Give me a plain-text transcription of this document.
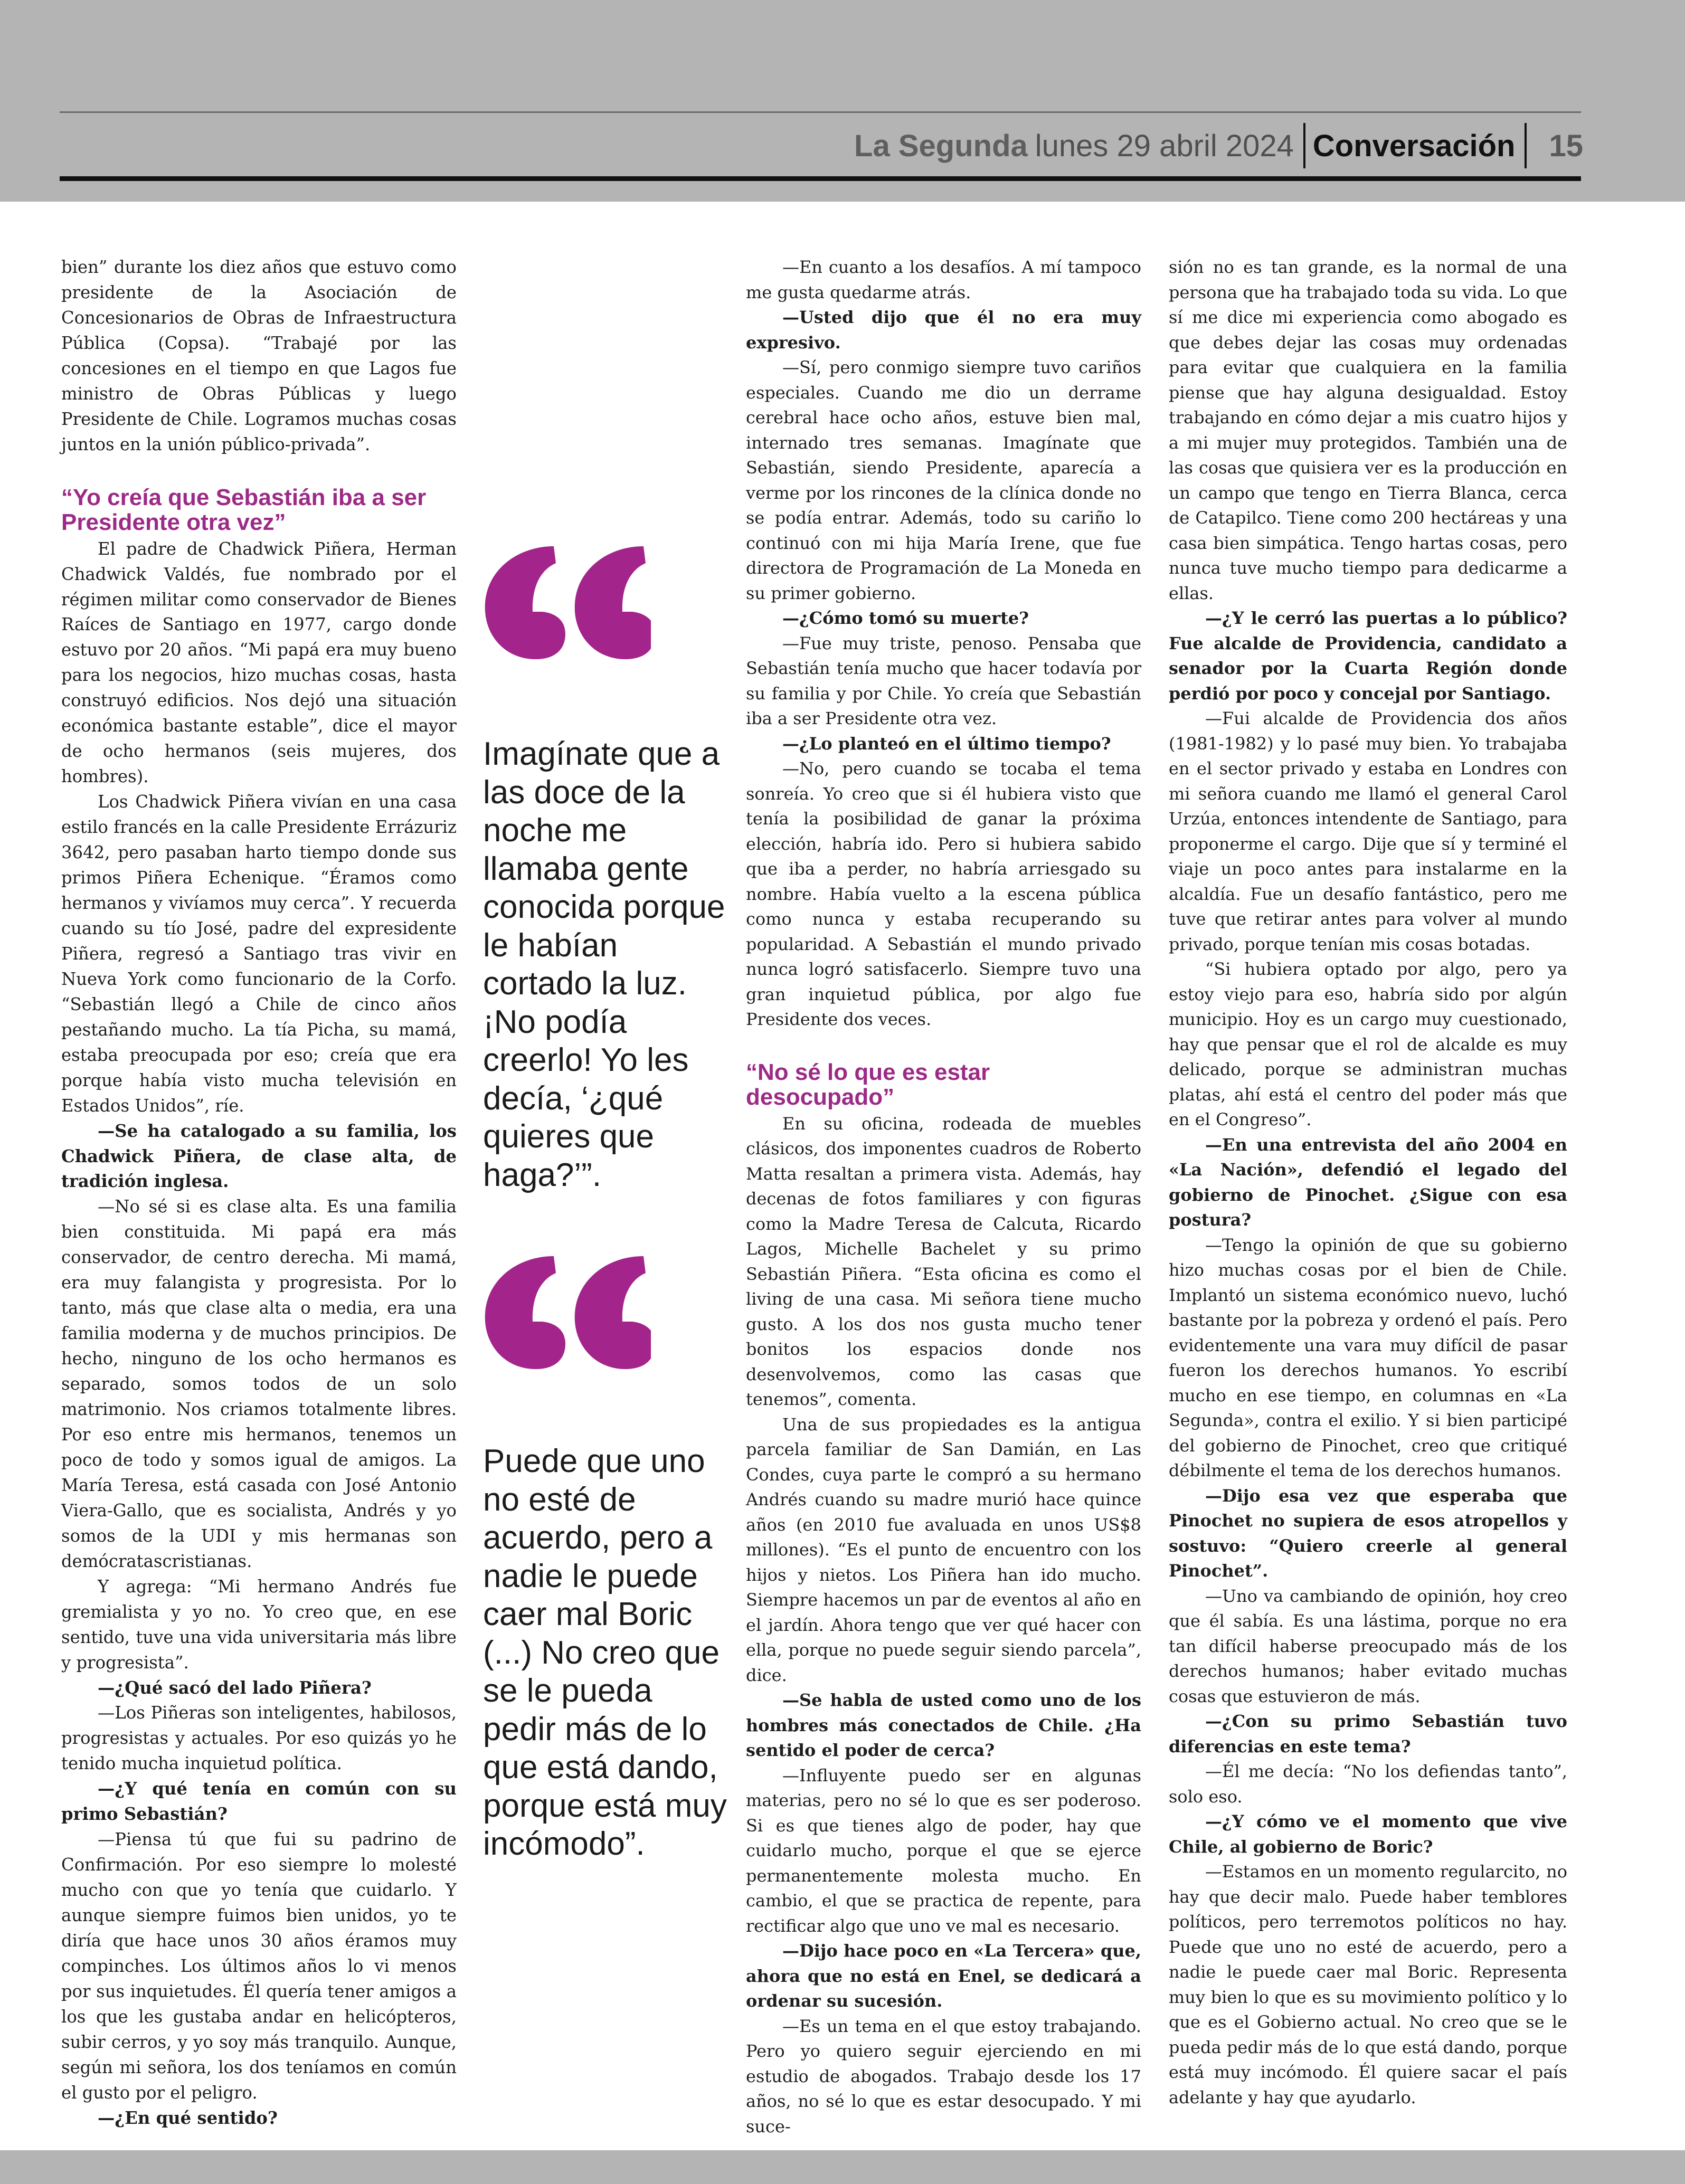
La Segunda lunes 29 abril 2024 Conversación 15

bien” durante los diez años que estuvo como presidente de la Asociación de Concesionarios de Obras de Infraestructura Pública (Copsa). “Trabajé por las concesiones en el tiempo en que Lagos fue ministro de Obras Públicas y luego Presidente de Chile. Logramos muchas cosas juntos en la unión público-privada”.

“Yo creía que Sebastián iba a ser Presidente otra vez”

El padre de Chadwick Piñera, Herman Chadwick Valdés, fue nombrado por el régimen militar como conservador de Bienes Raíces de Santiago en 1977, cargo donde estuvo por 20 años. “Mi papá era muy bueno para los negocios, hizo muchas cosas, hasta construyó edificios. Nos dejó una situación económica bastante estable”, dice el mayor de ocho hermanos (seis mujeres, dos hombres).

Los Chadwick Piñera vivían en una casa estilo francés en la calle Presidente Errázuriz 3642, pero pasaban harto tiempo donde sus primos Piñera Echenique. “Éramos como hermanos y vivíamos muy cerca”. Y recuerda cuando su tío José, padre del expresidente Piñera, regresó a Santiago tras vivir en Nueva York como funcionario de la Corfo. “Sebastián llegó a Chile de cinco años pestañando mucho. La tía Picha, su mamá, estaba preocupada por eso; creía que era porque había visto mucha televisión en Estados Unidos”, ríe.

—Se ha catalogado a su familia, los Chadwick Piñera, de clase alta, de tradición inglesa.

—No sé si es clase alta. Es una familia bien constituida. Mi papá era más conservador, de centro derecha. Mi mamá, era muy falangista y progresista. Por lo tanto, más que clase alta o media, era una familia moderna y de muchos principios. De hecho, ninguno de los ocho hermanos es separado, somos todos de un solo matrimonio. Nos criamos totalmente libres. Por eso entre mis hermanos, tenemos un poco de todo y somos igual de amigos. La María Teresa, está casada con José Antonio Viera-Gallo, que es socialista, Andrés y yo somos de la UDI y mis hermanas son demócratascristianas.

Y agrega: “Mi hermano Andrés fue gremialista y yo no. Yo creo que, en ese sentido, tuve una vida universitaria más libre y progresista”.

—¿Qué sacó del lado Piñera?

—Los Piñeras son inteligentes, habilosos, progresistas y actuales. Por eso quizás yo he tenido mucha inquietud política.

—¿Y qué tenía en común con su primo Sebastián?

—Piensa tú que fui su padrino de Confirmación. Por eso siempre lo molesté mucho con que yo tenía que cuidarlo. Y aunque siempre fuimos bien unidos, yo te diría que hace unos 30 años éramos muy compinches. Los últimos años lo vi menos por sus inquietudes. Él quería tener amigos a los que les gustaba andar en helicópteros, subir cerros, y yo soy más tranquilo. Aunque, según mi señora, los dos teníamos en común el gusto por el peligro.

—¿En qué sentido?

—En cuanto a los desafíos. A mí tampoco me gusta quedarme atrás.

—Usted dijo que él no era muy expresivo.

—Sí, pero conmigo siempre tuvo cariños especiales. Cuando me dio un derrame cerebral hace ocho años, estuve bien mal, internado tres semanas. Imagínate que Sebastián, siendo Presidente, aparecía a verme por los rincones de la clínica donde no se podía entrar. Además, todo su cariño lo continuó con mi hija María Irene, que fue directora de Programación de La Moneda en su primer gobierno.

—¿Cómo tomó su muerte?

—Fue muy triste, penoso. Pensaba que Sebastián tenía mucho que hacer todavía por su familia y por Chile. Yo creía que Sebastián iba a ser Presidente otra vez.

—¿Lo planteó en el último tiempo?

—No, pero cuando se tocaba el tema sonreía. Yo creo que si él hubiera visto que tenía la posibilidad de ganar la próxima elección, habría ido. Pero si hubiera sabido que iba a perder, no habría arriesgado su nombre. Había vuelto a la escena pública como nunca y estaba recuperando su popularidad. A Sebastián el mundo privado nunca logró satisfacerlo. Siempre tuvo una gran inquietud pública, por algo fue Presidente dos veces.

“No sé lo que es estar desocupado”

En su oficina, rodeada de muebles clásicos, dos imponentes cuadros de Roberto Matta resaltan a primera vista. Además, hay decenas de fotos familiares y con figuras como la Madre Teresa de Calcuta, Ricardo Lagos, Michelle Bachelet y su primo Sebastián Piñera. “Esta oficina es como el living de una casa. Mi señora tiene mucho gusto. A los dos nos gusta mucho tener bonitos los espacios donde nos desenvolvemos, como las casas que tenemos”, comenta.

Una de sus propiedades es la antigua parcela familiar de San Damián, en Las Condes, cuya parte le compró a su hermano Andrés cuando su madre murió hace quince años (en 2010 fue avaluada en unos US$8 millones). “Es el punto de encuentro con los hijos y nietos. Los Piñera han ido mucho. Siempre hacemos un par de eventos al año en el jardín. Ahora tengo que ver qué hacer con ella, porque no puede seguir siendo parcela”, dice.

—Se habla de usted como uno de los hombres más conectados de Chile. ¿Ha sentido el poder de cerca?

—Influyente puedo ser en algunas materias, pero no sé lo que es ser poderoso. Si es que tienes algo de poder, hay que cuidarlo mucho, porque el que se ejerce permanentemente molesta mucho. En cambio, el que se practica de repente, para rectificar algo que uno ve mal es necesario.

—Dijo hace poco en «La Tercera» que, ahora que no está en Enel, se dedicará a ordenar su sucesión.

—Es un tema en el que estoy trabajando. Pero yo quiero seguir ejerciendo en mi estudio de abogados. Trabajo desde los 17 años, no sé lo que es estar desocupado. Y mi suce-

sión no es tan grande, es la normal de una persona que ha trabajado toda su vida. Lo que sí me dice mi experiencia como abogado es que debes dejar las cosas muy ordenadas para evitar que cualquiera en la familia piense que hay alguna desigualdad. Estoy trabajando en cómo dejar a mis cuatro hijos y a mi mujer muy protegidos. También una de las cosas que quisiera ver es la producción en un campo que tengo en Tierra Blanca, cerca de Catapilco. Tiene como 200 hectáreas y una casa bien simpática. Tengo hartas cosas, pero nunca tuve mucho tiempo para dedicarme a ellas.

—¿Y le cerró las puertas a lo público? Fue alcalde de Providencia, candidato a senador por la Cuarta Región donde perdió por poco y concejal por Santiago.

—Fui alcalde de Providencia dos años (1981-1982) y lo pasé muy bien. Yo trabajaba en el sector privado y estaba en Londres con mi señora cuando me llamó el general Carol Urzúa, entonces intendente de Santiago, para proponerme el cargo. Dije que sí y terminé el viaje un poco antes para instalarme en la alcaldía. Fue un desafío fantástico, pero me tuve que retirar antes para volver al mundo privado, porque tenían mis cosas botadas.

“Si hubiera optado por algo, pero ya estoy viejo para eso, habría sido por algún municipio. Hoy es un cargo muy cuestionado, hay que pensar que el rol de alcalde es muy delicado, porque se administran muchas platas, ahí está el centro del poder más que en el Congreso”.

—En una entrevista del año 2004 en «La Nación», defendió el legado del gobierno de Pinochet. ¿Sigue con esa postura?

—Tengo la opinión de que su gobierno hizo muchas cosas por el bien de Chile. Implantó un sistema económico nuevo, luchó bastante por la pobreza y ordenó el país. Pero evidentemente una vara muy difícil de pasar fueron los derechos humanos. Yo escribí mucho en ese tiempo, en columnas en «La Segunda», contra el exilio. Y si bien participé del gobierno de Pinochet, creo que critiqué débilmente el tema de los derechos humanos.

—Dijo esa vez que esperaba que Pinochet no supiera de esos atropellos y sostuvo: “Quiero creerle al general Pinochet”.

—Uno va cambiando de opinión, hoy creo que él sabía. Es una lástima, porque no era tan difícil haberse preocupado más de los derechos humanos; haber evitado muchas cosas que estuvieron de más.

—¿Con su primo Sebastián tuvo diferencias en este tema?

—Él me decía: “No los defiendas tanto”, solo eso.

—¿Y cómo ve el momento que vive Chile, al gobierno de Boric?

—Estamos en un momento regularcito, no hay que decir malo. Puede haber temblores políticos, pero terremotos políticos no hay. Puede que uno no esté de acuerdo, pero a nadie le puede caer mal Boric. Representa muy bien lo que es su movimiento político y lo que es el Gobierno actual. No creo que se le pueda pedir más de lo que está dando, porque está muy incómodo. Él quiere sacar el país adelante y hay que ayudarlo.

Imagínate que a las doce de la noche me llamaba gente conocida porque le habían cortado la luz. ¡No podía creerlo! Yo les decía, ‘¿qué quieres que haga?’”.
Puede que uno no esté de acuerdo, pero a nadie le puede caer mal Boric (...) No creo que se le pueda pedir más de lo que está dando, porque está muy incómodo”.
